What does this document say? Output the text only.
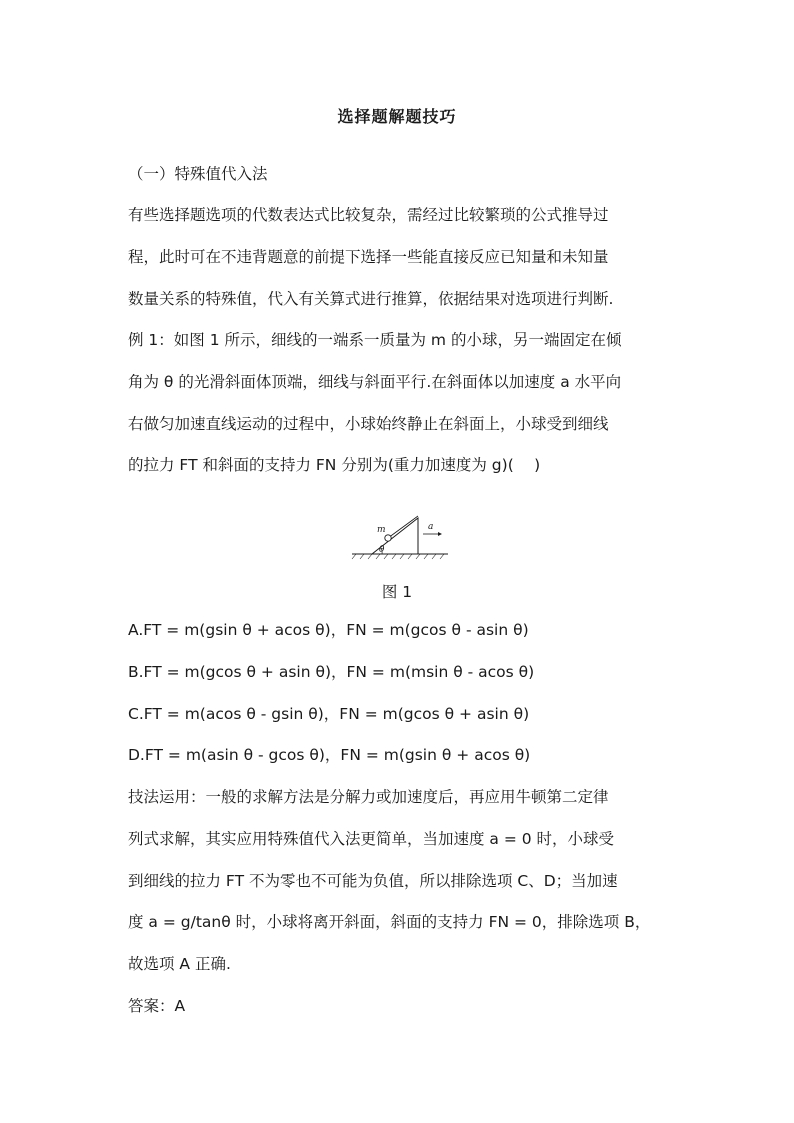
选择题解题技巧
（一）特殊值代入法
有些选择题选项的代数表达式比较复杂，需经过比较繁琐的公式推导过
程，此时可在不违背题意的前提下选择一些能直接反应已知量和未知量
数量关系的特殊值，代入有关算式进行推算，依据结果对选项进行判断.
例 1：如图 1 所示，细线的一端系一质量为 m 的小球，另一端固定在倾
角为 θ 的光滑斜面体顶端，细线与斜面平行.在斜面体以加速度 a 水平向
右做匀加速直线运动的过程中，小球始终静止在斜面上，小球受到细线
的拉力 FT 和斜面的支持力 FN 分别为(重力加速度为 g)(　 )
m
θ
a
图 1
A.FT = m(gsin θ + acos θ)，FN = m(gcos θ - asin θ)
B.FT = m(gcos θ + asin θ)，FN = m(msin θ - acos θ)
C.FT = m(acos θ - gsin θ)，FN = m(gcos θ + asin θ)
D.FT = m(asin θ - gcos θ)，FN = m(gsin θ + acos θ)
技法运用：一般的求解方法是分解力或加速度后，再应用牛顿第二定律
列式求解，其实应用特殊值代入法更简单，当加速度 a = 0 时，小球受
到细线的拉力 FT 不为零也不可能为负值，所以排除选项 C、D；当加速
度 a = g/tanθ 时，小球将离开斜面，斜面的支持力 FN = 0，排除选项 B，
故选项 A 正确.
答案：A
